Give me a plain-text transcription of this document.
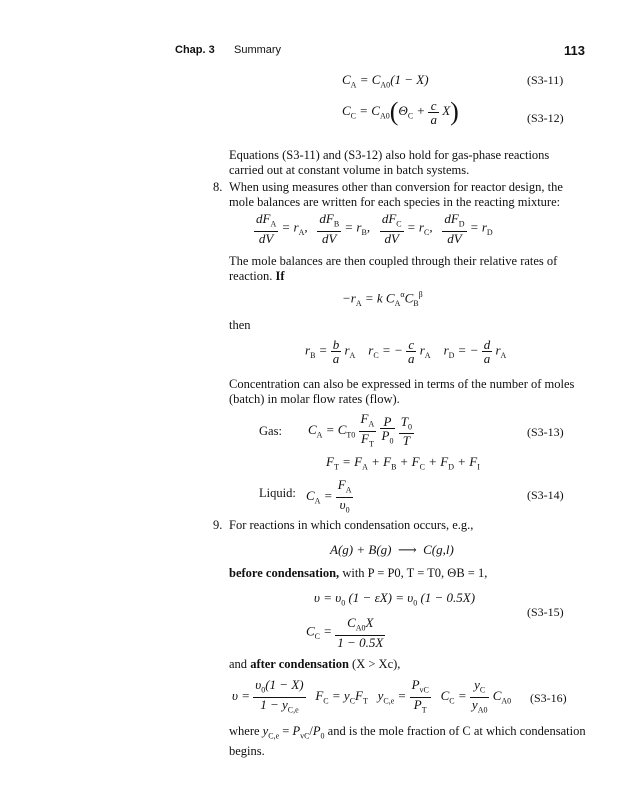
Chap. 3 Summary	113
$C_A = C_{A0}(1 - X)$	(S3-11)
$C_C = C_{A0}(\Theta_C + \frac{c}{a} X)$	(S3-12)
Equations (S3-11) and (S3-12) also hold for gas-phase reactions carried out at constant volume in batch systems.
8. When using measures other than conversion for reactor design, the mole balances are written for each species in the reacting mixture:
$\frac{dF_A}{dV} = r_A$, $\frac{dF_B}{dV} = r_B$, $\frac{dF_C}{dV} = r_C$, $\frac{dF_D}{dV} = r_D$
The mole balances are then coupled through their relative rates of reaction. If
$-r_A = k$ $C_A^\alpha C_B^\beta$
then
$r_B = \frac{b}{a} r_A$    $r_C$ = − $\frac{c}{a} r_A$    $r_D$ = − $\frac{d}{a} r_A$
Concentration can also be expressed in terms of the number of moles (batch) in molar flow rates (flow).
Gas: $C_A = C_{T0} \frac{F_A}{F_T}$
$\frac{P}{P_0}$
$\frac{T_0}{T}$	(S3-13)
$F_T = F_A + F_B + F_C + F_D + F_I$
Liquid: $C_A = \frac{F_A}{\upsilon_0}$	(S3-14)
9. For reactions in which condensation occurs, e.g.,
A(g) + B(g)  ⟶  C(g,l)
before condensation, with P = P0, T = T0, ΘB = 1,
$\upsilon = \upsilon_0$ $(1 - \varepsilon X) = \upsilon_0$ (1 − 0.5X)
$C_C = \frac{C_{A0}X}{1 - 0.5X}$
(S3-15)
and after condensation (X > Xc),
$\upsilon = \frac{\upsilon_0(1 - X)}{1 - y_{C,e}} F_C = y_CF_T$   $y_{C,e} = \frac{P_{vC}}{P_T} C_C = \frac{y_C}{y_{A0}} C_{A0}$ (S3-16)
where $y_{C,e} = P_{vC}/P_0$ and is the mole fraction of C at which condensation begins.
